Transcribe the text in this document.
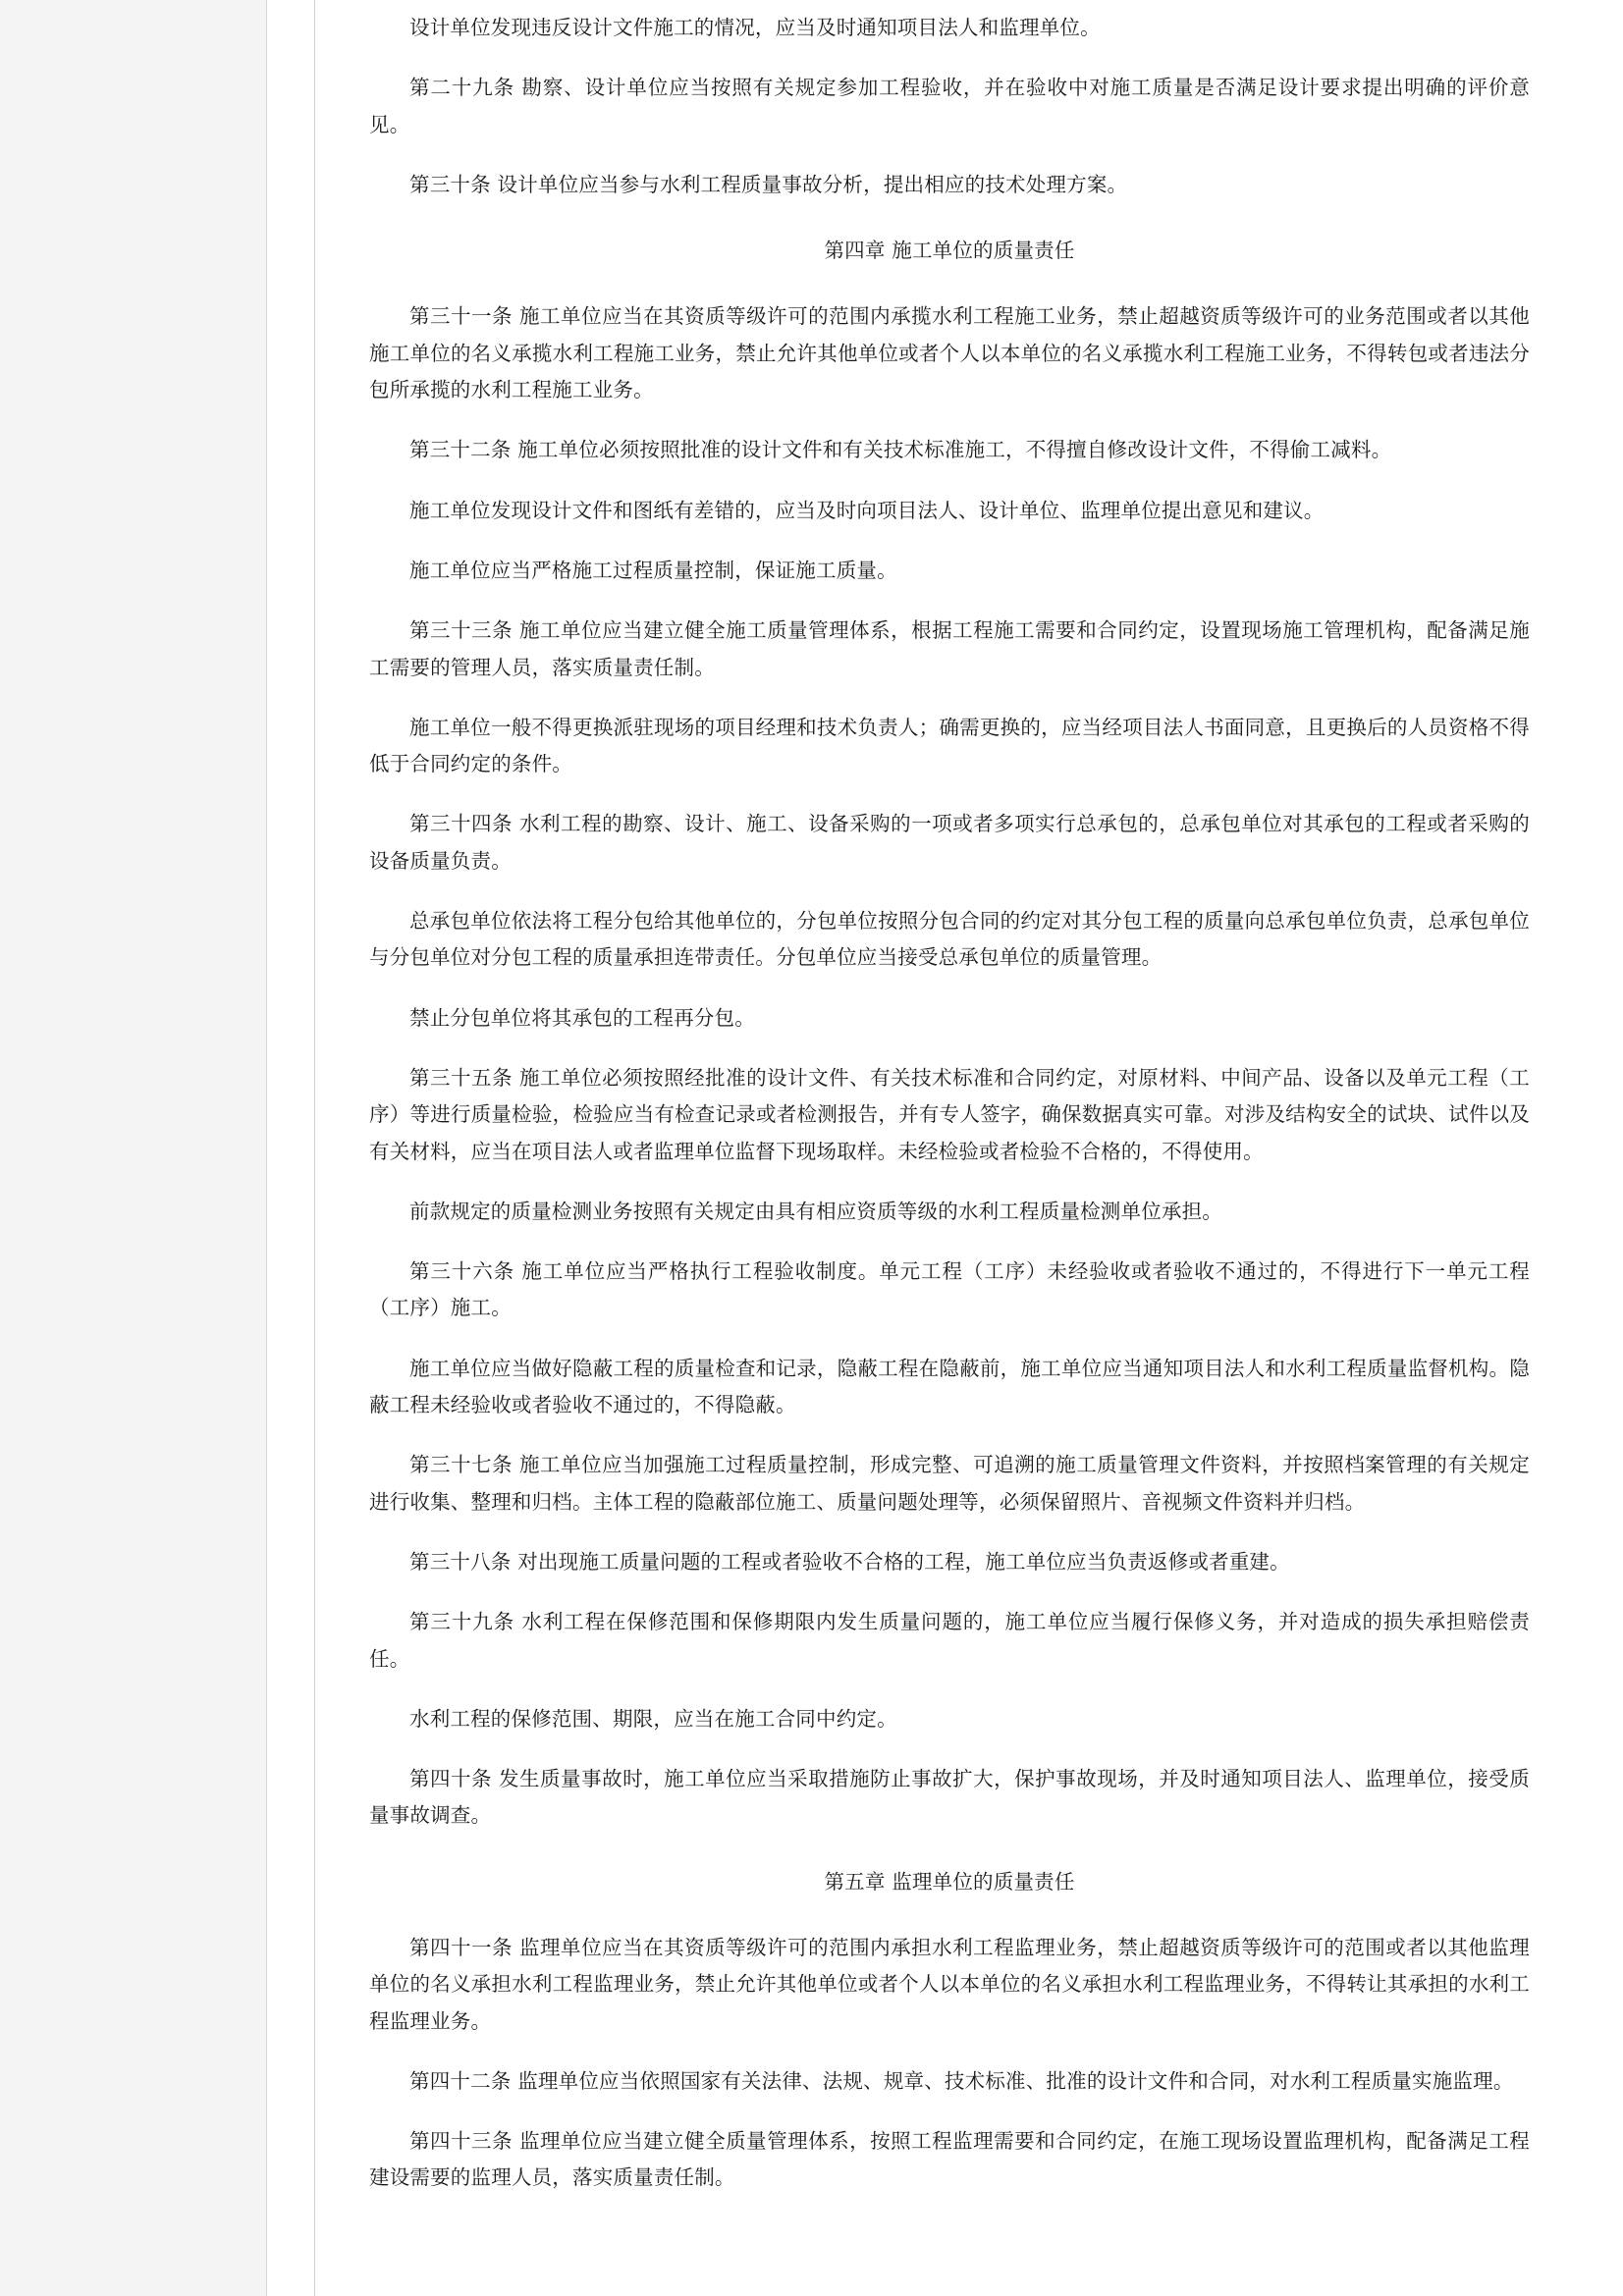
设计单位发现违反设计文件施工的情况，应当及时通知项目法人和监理单位。

第二十九条 勘察、设计单位应当按照有关规定参加工程验收，并在验收中对施工质量是否满足设计要求提出明确的评价意见。

第三十条 设计单位应当参与水利工程质量事故分析，提出相应的技术处理方案。

第四章 施工单位的质量责任

第三十一条 施工单位应当在其资质等级许可的范围内承揽水利工程施工业务，禁止超越资质等级许可的业务范围或者以其他施工单位的名义承揽水利工程施工业务，禁止允许其他单位或者个人以本单位的名义承揽水利工程施工业务，不得转包或者违法分包所承揽的水利工程施工业务。

第三十二条 施工单位必须按照批准的设计文件和有关技术标准施工，不得擅自修改设计文件，不得偷工减料。

施工单位发现设计文件和图纸有差错的，应当及时向项目法人、设计单位、监理单位提出意见和建议。

施工单位应当严格施工过程质量控制，保证施工质量。

第三十三条 施工单位应当建立健全施工质量管理体系，根据工程施工需要和合同约定，设置现场施工管理机构，配备满足施工需要的管理人员，落实质量责任制。

施工单位一般不得更换派驻现场的项目经理和技术负责人；确需更换的，应当经项目法人书面同意，且更换后的人员资格不得低于合同约定的条件。

第三十四条 水利工程的勘察、设计、施工、设备采购的一项或者多项实行总承包的，总承包单位对其承包的工程或者采购的设备质量负责。

总承包单位依法将工程分包给其他单位的，分包单位按照分包合同的约定对其分包工程的质量向总承包单位负责，总承包单位与分包单位对分包工程的质量承担连带责任。分包单位应当接受总承包单位的质量管理。

禁止分包单位将其承包的工程再分包。

第三十五条 施工单位必须按照经批准的设计文件、有关技术标准和合同约定，对原材料、中间产品、设备以及单元工程（工序）等进行质量检验，检验应当有检查记录或者检测报告，并有专人签字，确保数据真实可靠。对涉及结构安全的试块、试件以及有关材料，应当在项目法人或者监理单位监督下现场取样。未经检验或者检验不合格的，不得使用。

前款规定的质量检测业务按照有关规定由具有相应资质等级的水利工程质量检测单位承担。

第三十六条 施工单位应当严格执行工程验收制度。单元工程（工序）未经验收或者验收不通过的，不得进行下一单元工程（工序）施工。

施工单位应当做好隐蔽工程的质量检查和记录，隐蔽工程在隐蔽前，施工单位应当通知项目法人和水利工程质量监督机构。隐蔽工程未经验收或者验收不通过的，不得隐蔽。

第三十七条 施工单位应当加强施工过程质量控制，形成完整、可追溯的施工质量管理文件资料，并按照档案管理的有关规定进行收集、整理和归档。主体工程的隐蔽部位施工、质量问题处理等，必须保留照片、音视频文件资料并归档。

第三十八条 对出现施工质量问题的工程或者验收不合格的工程，施工单位应当负责返修或者重建。

第三十九条 水利工程在保修范围和保修期限内发生质量问题的，施工单位应当履行保修义务，并对造成的损失承担赔偿责任。

水利工程的保修范围、期限，应当在施工合同中约定。

第四十条 发生质量事故时，施工单位应当采取措施防止事故扩大，保护事故现场，并及时通知项目法人、监理单位，接受质量事故调查。

第五章 监理单位的质量责任

第四十一条 监理单位应当在其资质等级许可的范围内承担水利工程监理业务，禁止超越资质等级许可的范围或者以其他监理单位的名义承担水利工程监理业务，禁止允许其他单位或者个人以本单位的名义承担水利工程监理业务，不得转让其承担的水利工程监理业务。

第四十二条 监理单位应当依照国家有关法律、法规、规章、技术标准、批准的设计文件和合同，对水利工程质量实施监理。

第四十三条 监理单位应当建立健全质量管理体系，按照工程监理需要和合同约定，在施工现场设置监理机构，配备满足工程建设需要的监理人员，落实质量责任制。
